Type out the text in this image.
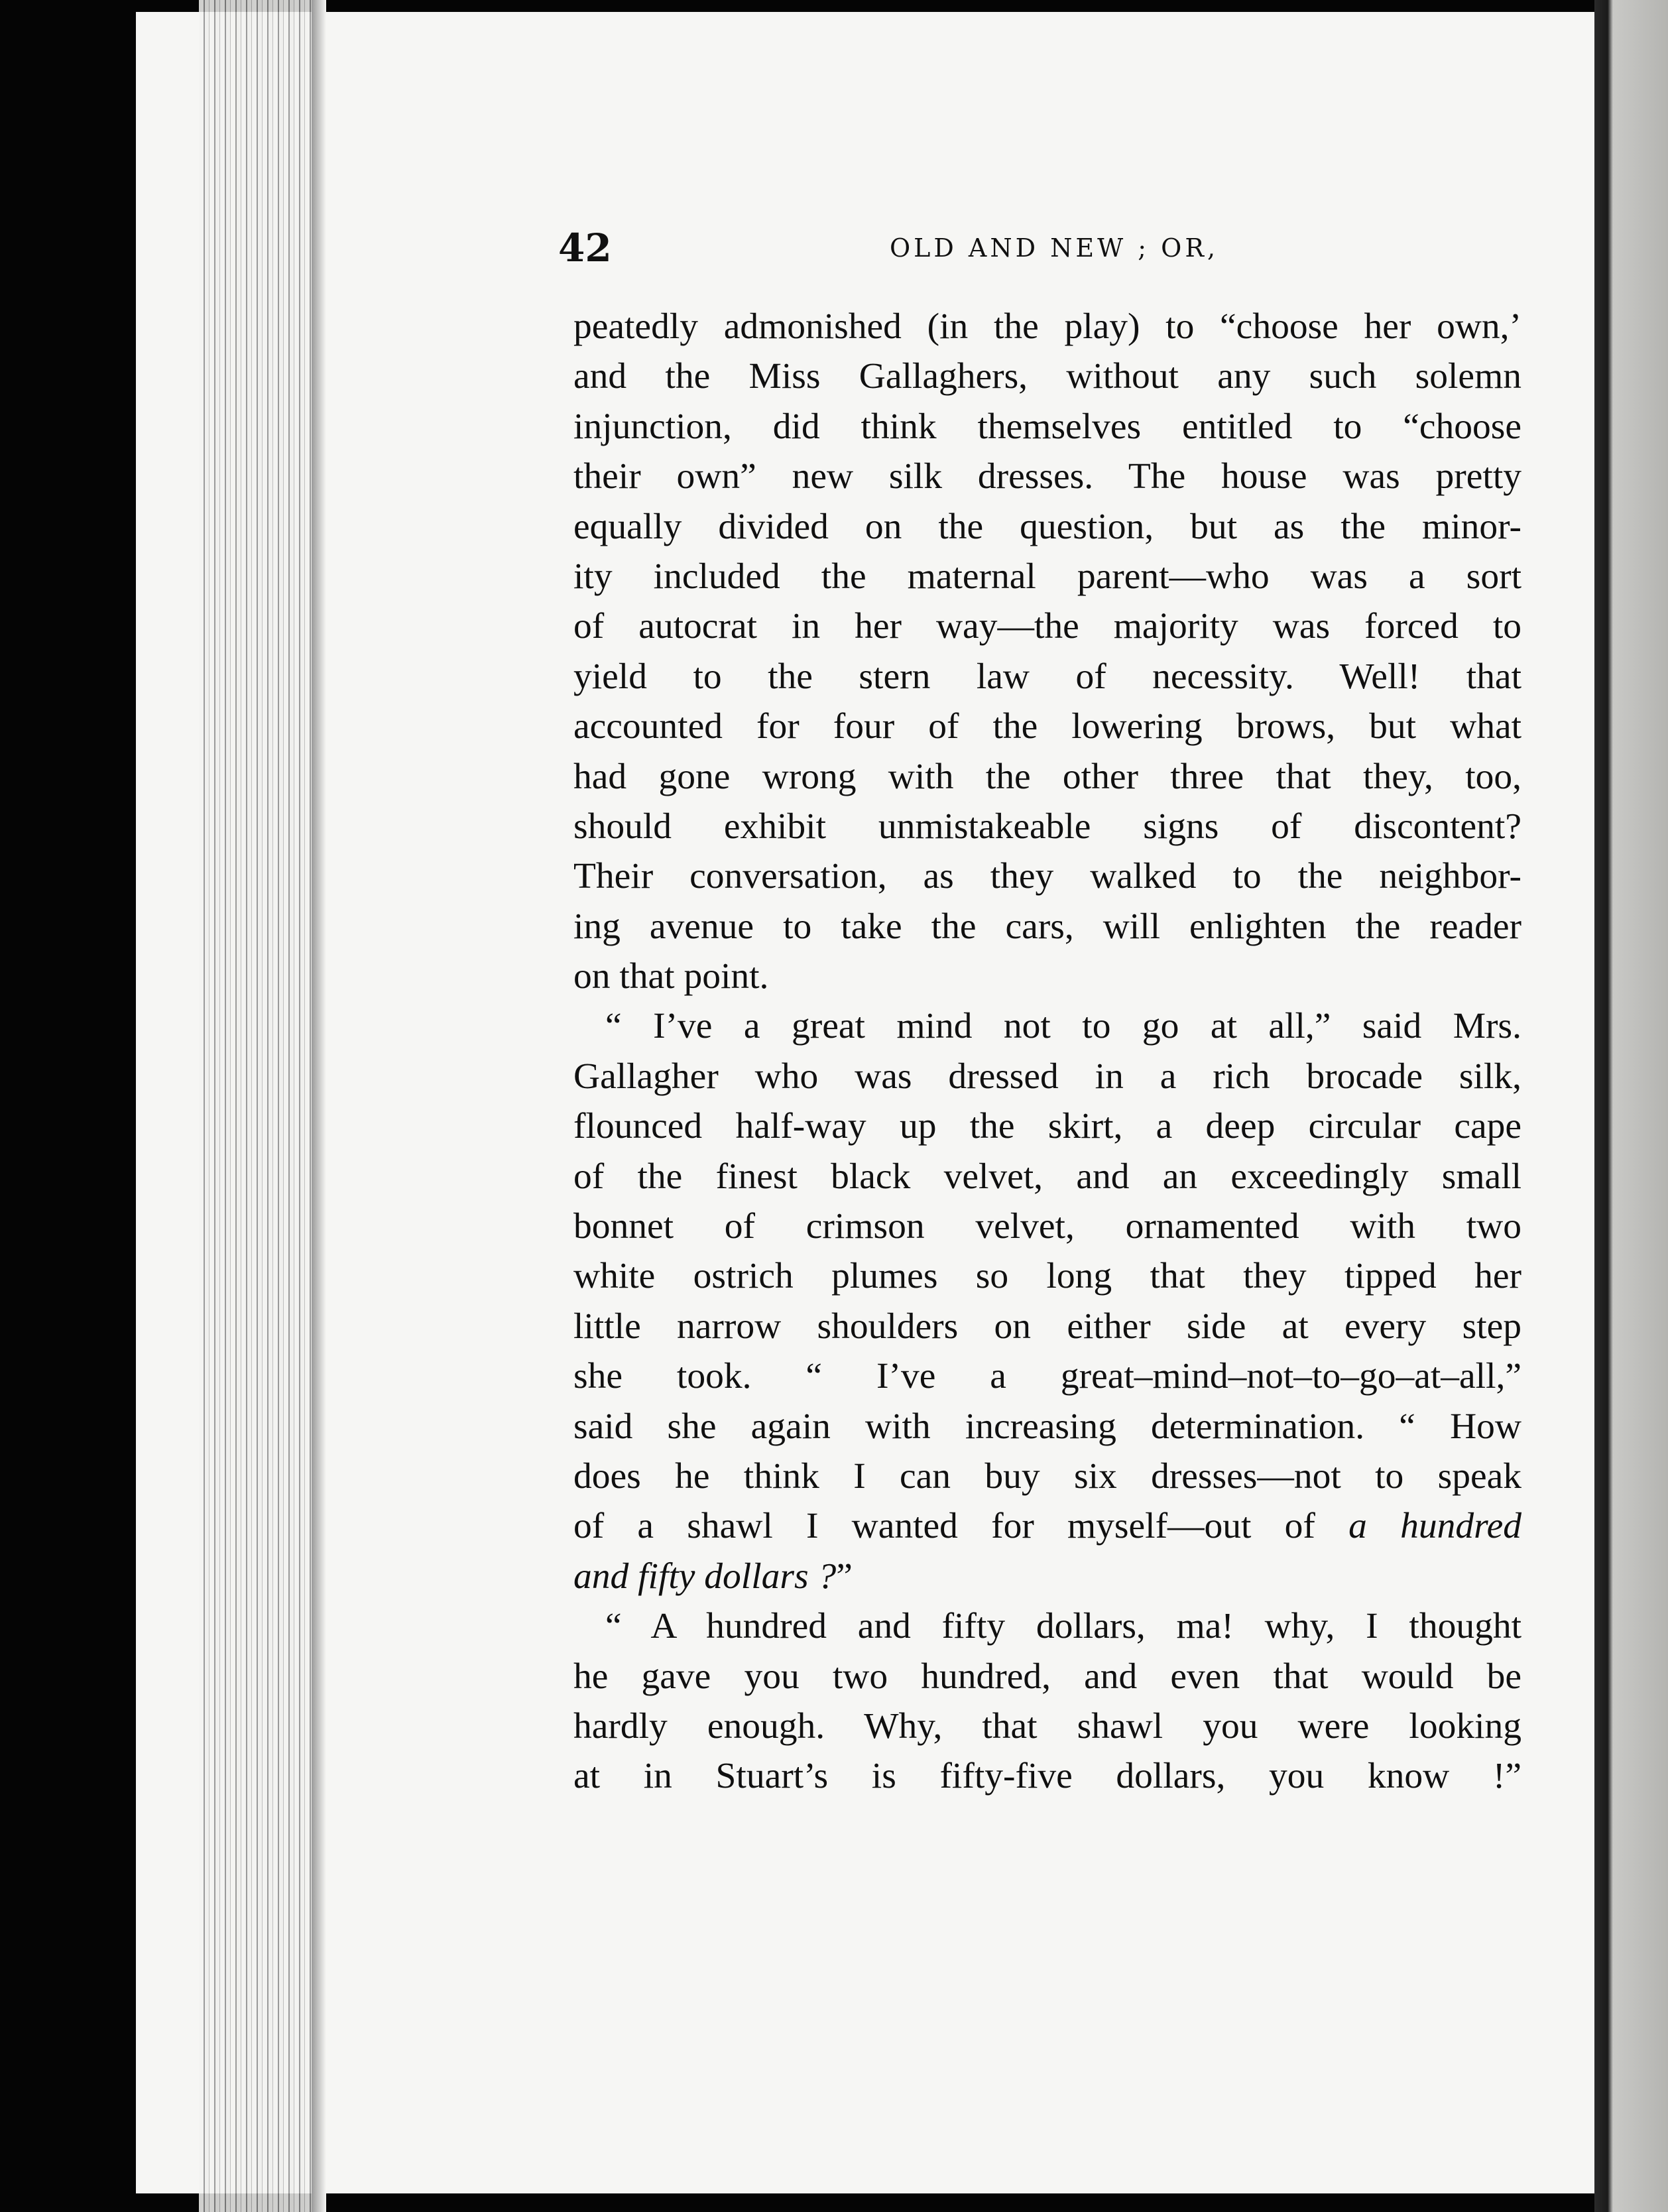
42	OLD AND NEW ; OR,
peatedly admonished (in the play) to “choose her own,’
and the Miss Gallaghers, without any such solemn
injunction, did think themselves entitled to “choose
their own” new silk dresses. The house was pretty
equally divided on the question, but as the minor-
ity included the maternal parent—who was a sort
of autocrat in her way—the majority was forced to
yield to the stern law of necessity. Well! that
accounted for four of the lowering brows, but what
had gone wrong with the other three that they, too,
should exhibit unmistakeable signs of discontent?
Their conversation, as they walked to the neighbor-
ing avenue to take the cars, will enlighten the reader
on that point.
“ I’ve a great mind not to go at all,” said Mrs.
Gallagher who was dressed in a rich brocade silk,
flounced half-way up the skirt, a deep circular cape
of the finest black velvet, and an exceedingly small
bonnet of crimson velvet, ornamented with two
white ostrich plumes so long that they tipped her
little narrow shoulders on either side at every step
she took. “ I’ve a great–mind–not–to–go–at–all,”
said she again with increasing determination. “ How
does he think I can buy six dresses—not to speak
of a shawl I wanted for myself—out of a hundred
and fifty dollars ?”
“ A hundred and fifty dollars, ma! why, I thought
he gave you two hundred, and even that would be
hardly enough. Why, that shawl you were looking
at in Stuart’s is fifty-five dollars, you know !”
